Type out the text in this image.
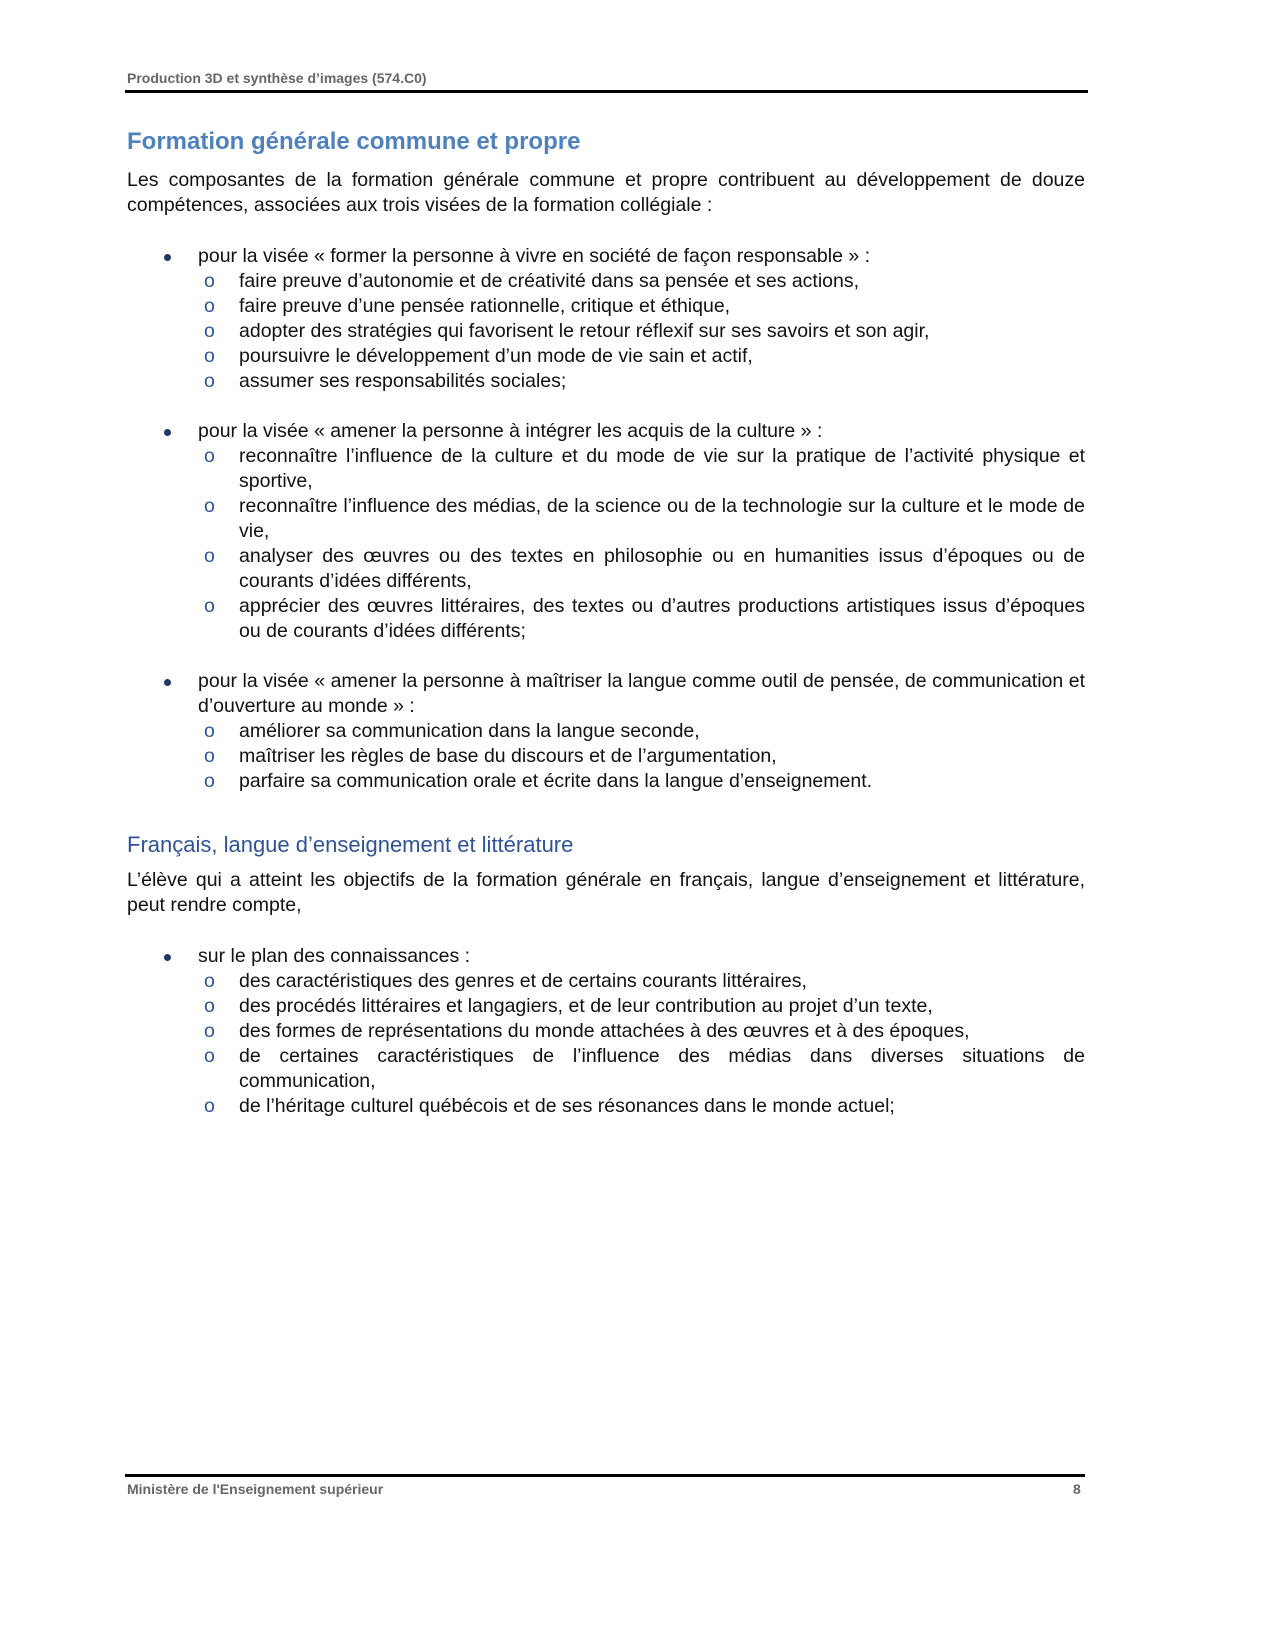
Production 3D et synthèse d’images (574.C0)
Formation générale commune et propre

Les composantes de la formation générale commune et propre contribuent au développement de douze compétences, associées aux trois visées de la formation collégiale :

pour la visée « former la personne à vivre en société de façon responsable » :
o faire preuve d’autonomie et de créativité dans sa pensée et ses actions,
o faire preuve d’une pensée rationnelle, critique et éthique,
o adopter des stratégies qui favorisent le retour réflexif sur ses savoirs et son agir,
o poursuivre le développement d’un mode de vie sain et actif,
o assumer ses responsabilités sociales;
pour la visée « amener la personne à intégrer les acquis de la culture » :
o reconnaître l’influence de la culture et du mode de vie sur la pratique de l’activité physique et sportive,
o reconnaître l’influence des médias, de la science ou de la technologie sur la culture et le mode de vie,
o analyser des œuvres ou des textes en philosophie ou en humanities issus d’époques ou de courants d’idées différents,
o apprécier des œuvres littéraires, des textes ou d’autres productions artistiques issus d’époques ou de courants d’idées différents;
pour la visée « amener la personne à maîtriser la langue comme outil de pensée, de communication et d’ouverture au monde » :
o améliorer sa communication dans la langue seconde,
o maîtriser les règles de base du discours et de l’argumentation,
o parfaire sa communication orale et écrite dans la langue d’enseignement.
Français, langue d’enseignement et littérature

L’élève qui a atteint les objectifs de la formation générale en français, langue d’enseignement et littérature, peut rendre compte,

sur le plan des connaissances :
o des caractéristiques des genres et de certains courants littéraires,
o des procédés littéraires et langagiers, et de leur contribution au projet d’un texte,
o des formes de représentations du monde attachées à des œuvres et à des époques,
o de certaines caractéristiques de l’influence des médias dans diverses situations de communication,
o de l’héritage culturel québécois et de ses résonances dans le monde actuel;
Ministère de l'Enseignement supérieur	8
